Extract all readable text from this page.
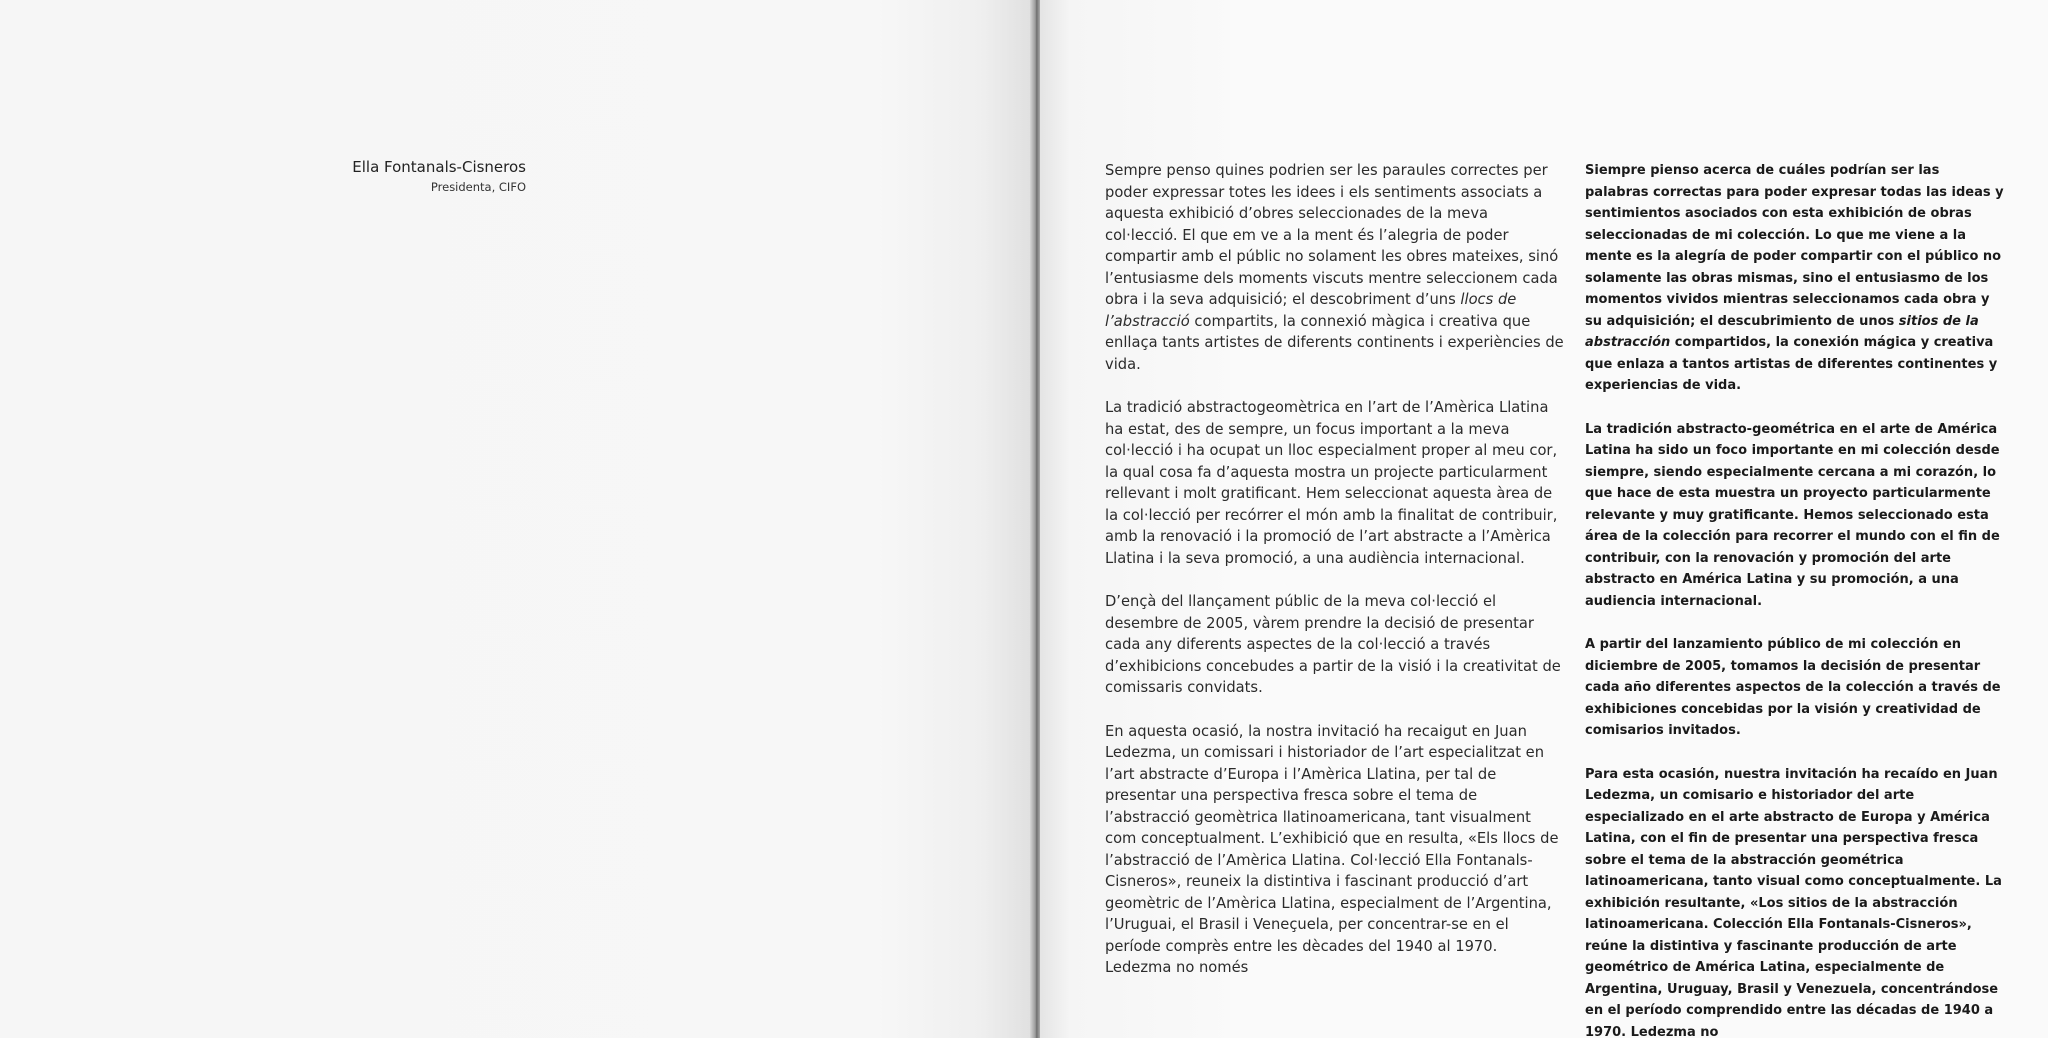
Ella Fontanals-Cisneros
Presidenta, CIFO

Sempre penso quines podrien ser les paraules correctes per poder expressar totes les idees i els sentiments associats a aquesta exhibició d’obres seleccionades de la meva col·lecció. El que em ve a la ment és l’alegria de poder compartir amb el públic no solament les obres mateixes, sinó l’entusiasme dels moments viscuts mentre seleccionem cada obra i la seva adquisició; el descobriment d’uns llocs de l’abstracció compartits, la connexió màgica i creativa que enllaça tants artistes de diferents continents i experiències de vida.

La tradició abstractogeomètrica en l’art de l’Amèrica Llatina ha estat, des de sempre, un focus important a la meva col·lecció i ha ocupat un lloc especialment proper al meu cor, la qual cosa fa d’aquesta mostra un projecte particularment rellevant i molt gratificant. Hem seleccionat aquesta àrea de la col·lecció per recórrer el món amb la finalitat de contribuir, amb la renovació i la promoció de l’art abstracte a l’Amèrica Llatina i la seva promoció, a una audiència internacional.

D’ençà del llançament públic de la meva col·lecció el desembre de 2005, vàrem prendre la decisió de presentar cada any diferents aspectes de la col·lecció a través d’exhibicions concebudes a partir de la visió i la creativitat de comissaris convidats.

En aquesta ocasió, la nostra invitació ha recaigut en Juan Ledezma, un comissari i historiador de l’art especialitzat en l’art abstracte d’Europa i l’Amèrica Llatina, per tal de presentar una perspectiva fresca sobre el tema de l’abstracció geomètrica llatinoamericana, tant visualment com conceptualment. L’exhibició que en resulta, «Els llocs de l’abstracció de l’Amèrica Llatina. Col·lecció Ella Fontanals-Cisneros», reuneix la distintiva i fascinant producció d’art geomètric de l’Amèrica Llatina, especialment de l’Argentina, l’Uruguai, el Brasil i Veneçuela, per concentrar-se en el període comprès entre les dècades del 1940 al 1970. Ledezma no només

Siempre pienso acerca de cuáles podrían ser las palabras correctas para poder expresar todas las ideas y sentimientos asociados con esta exhibición de obras seleccionadas de mi colección. Lo que me viene a la mente es la alegría de poder compartir con el público no solamente las obras mismas, sino el entusiasmo de los momentos vividos mientras seleccionamos cada obra y su adquisición; el descubrimiento de unos sitios de la abstracción compartidos, la conexión mágica y creativa que enlaza a tantos artistas de diferentes continentes y experiencias de vida.

La tradición abstracto-geométrica en el arte de América Latina ha sido un foco importante en mi colección desde siempre, siendo especialmente cercana a mi corazón, lo que hace de esta muestra un proyecto particularmente relevante y muy gratificante. Hemos seleccionado esta área de la colección para recorrer el mundo con el fin de contribuir, con la renovación y promoción del arte abstracto en América Latina y su promoción, a una audiencia internacional.

A partir del lanzamiento público de mi colección en diciembre de 2005, tomamos la decisión de presentar cada año diferentes aspectos de la colección a través de exhibiciones concebidas por la visión y creatividad de comisarios invitados.

Para esta ocasión, nuestra invitación ha recaído en Juan Ledezma, un comisario e historiador del arte especializado en el arte abstracto de Europa y América Latina, con el fin de presentar una perspectiva fresca sobre el tema de la abstracción geométrica latinoamericana, tanto visual como conceptualmente. La exhibición resultante, «Los sitios de la abstracción latinoamericana. Colección Ella Fontanals-Cisneros», reúne la distintiva y fascinante producción de arte geométrico de América Latina, especialmente de Argentina, Uruguay, Brasil y Venezuela, concentrándose en el período comprendido entre las décadas de 1940 a 1970. Ledezma no
